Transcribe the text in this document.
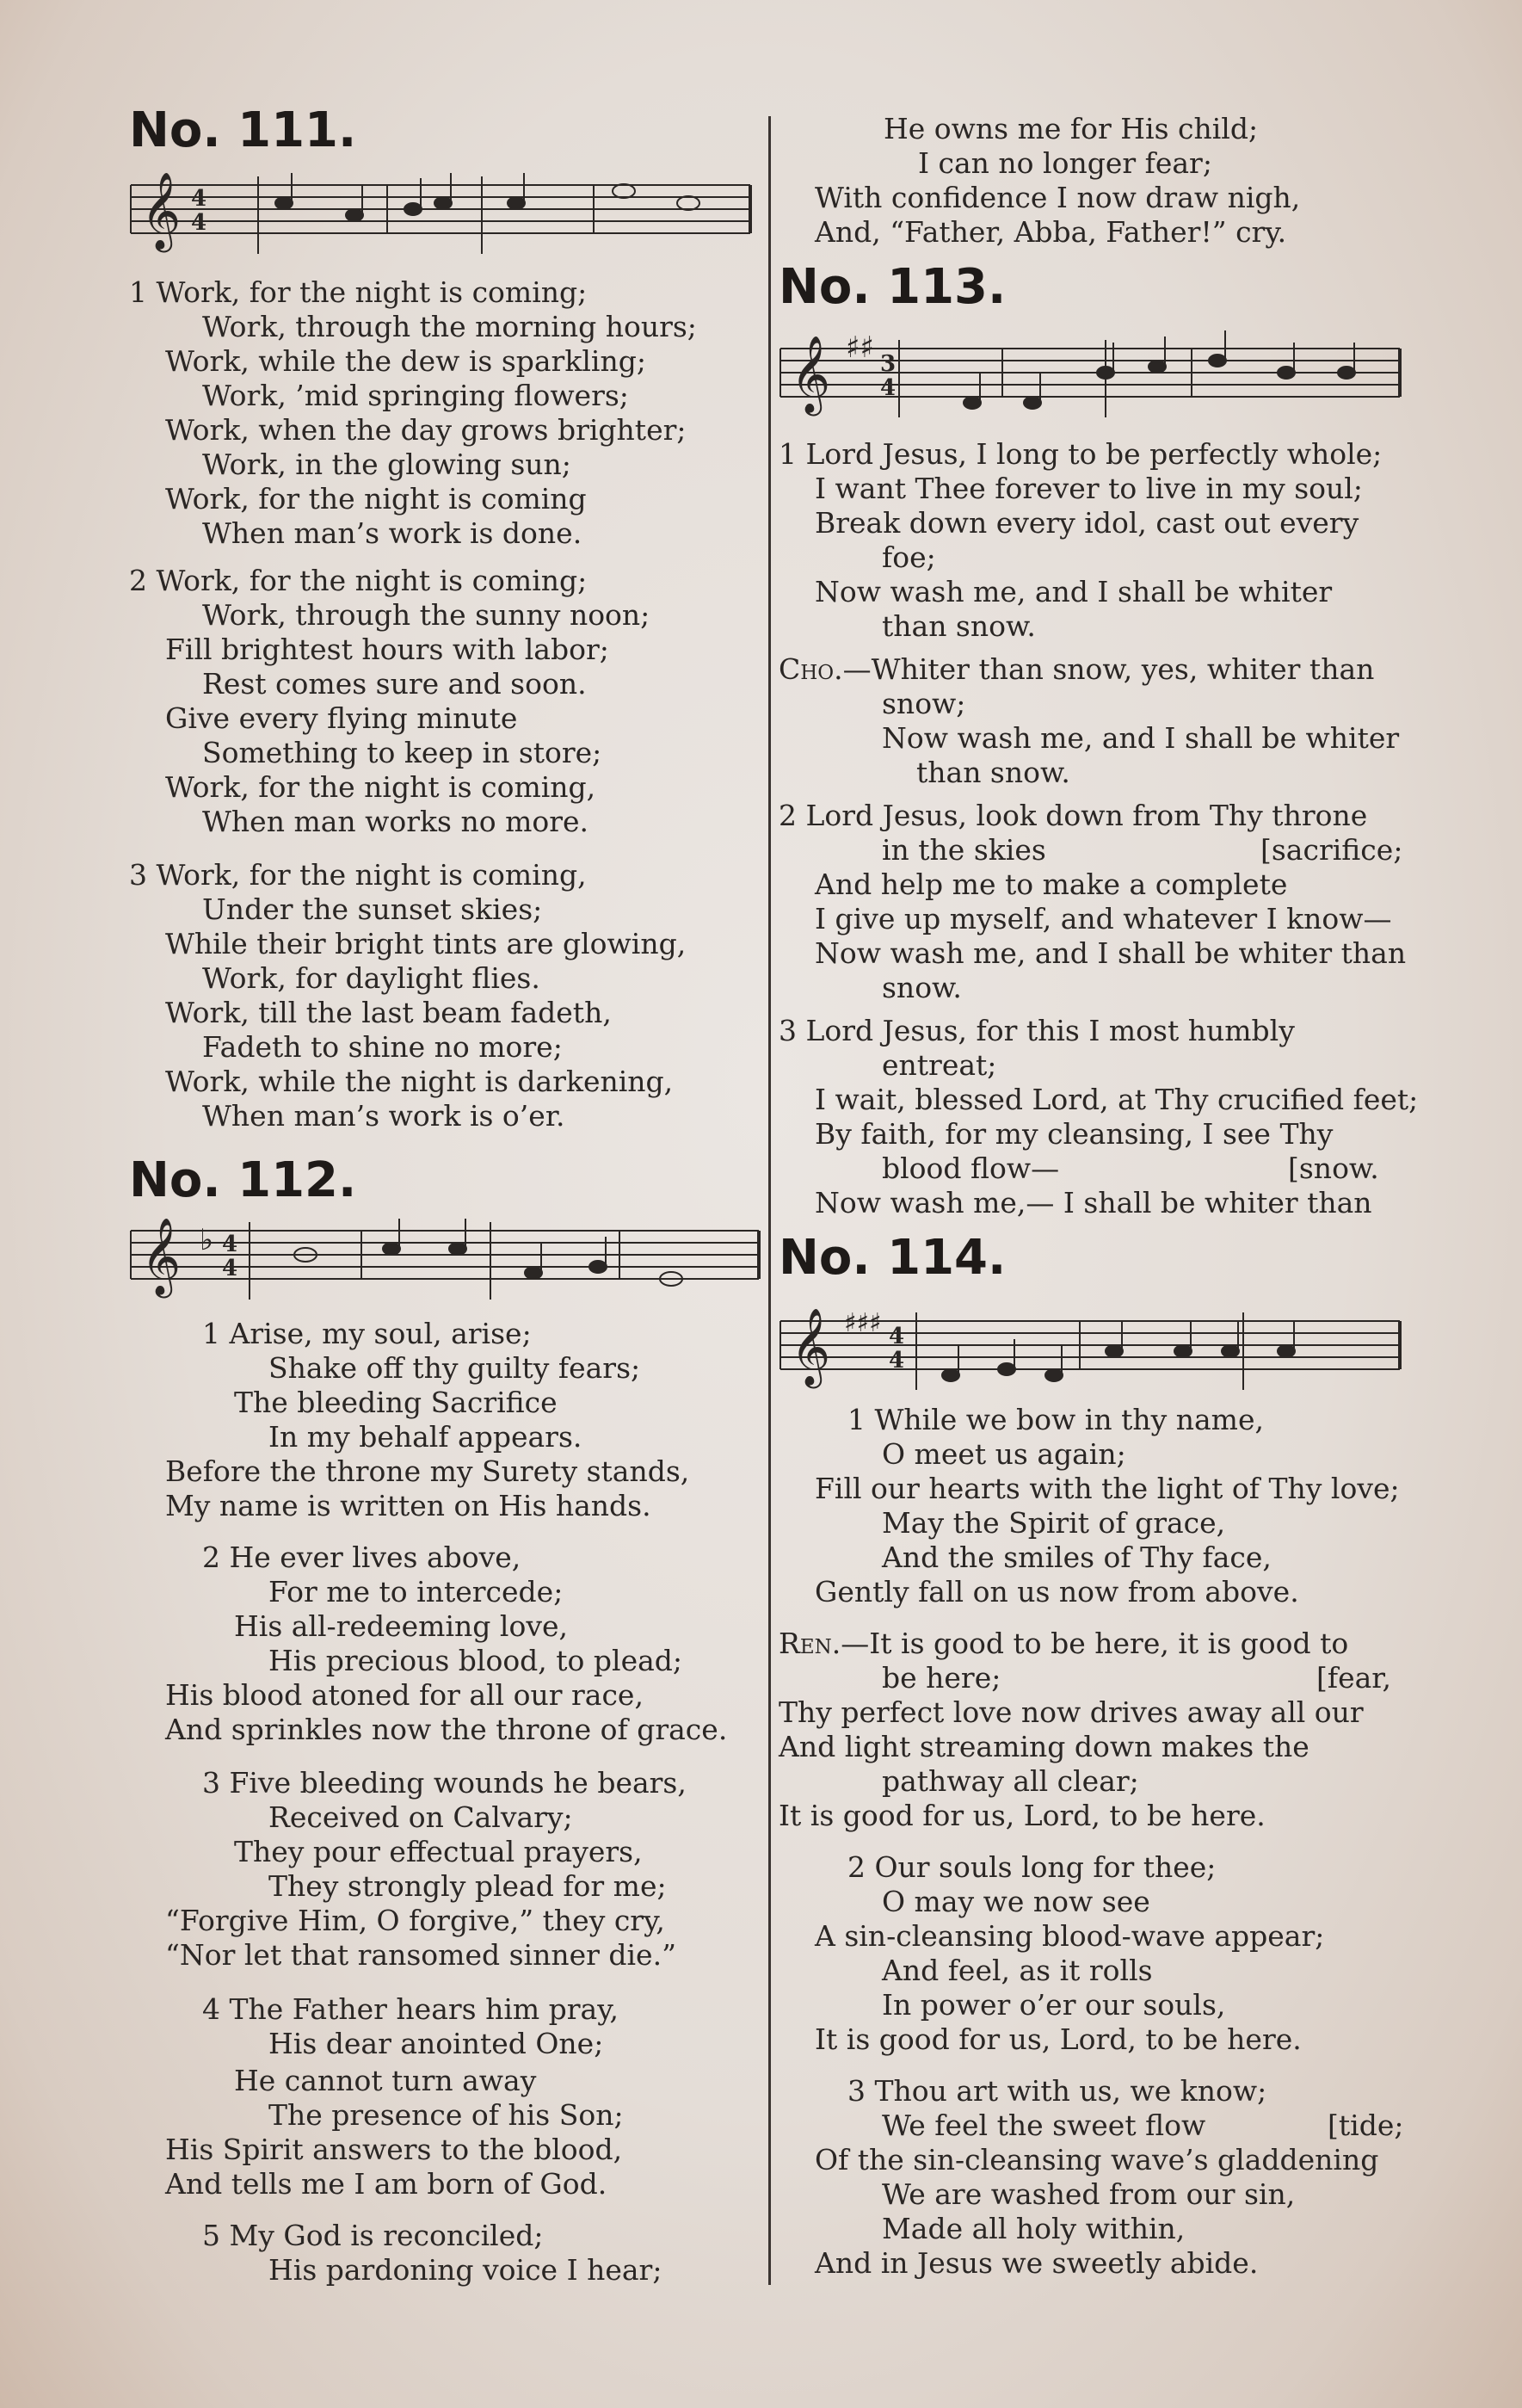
No. 111.
𝄞 4
4
1 Work, for the night is coming;
Work, through the morning hours;
Work, while the dew is sparkling;
Work, ’mid springing flowers;
Work, when the day grows brighter;
Work, in the glowing sun;
Work, for the night is coming
When man’s work is done.
2 Work, for the night is coming;
Work, through the sunny noon;
Fill brightest hours with labor;
Rest comes sure and soon.
Give every flying minute
Something to keep in store;
Work, for the night is coming,
When man works no more.
3 Work, for the night is coming,
Under the sunset skies;
While their bright tints are glowing,
Work, for daylight flies.
Work, till the last beam fadeth,
Fadeth to shine no more;
Work, while the night is darkening,
When man’s work is o’er.
No. 112.
𝄞 ♭ 4
4
1 Arise, my soul, arise;
Shake off thy guilty fears;
The bleeding Sacrifice
In my behalf appears.
Before the throne my Surety stands,
My name is written on His hands.
2 He ever lives above,
For me to intercede;
His all-redeeming love,
His precious blood, to plead;
His blood atoned for all our race,
And sprinkles now the throne of grace.
3 Five bleeding wounds he bears,
Received on Calvary;
They pour effectual prayers,
They strongly plead for me;
“Forgive Him, O forgive,” they cry,
“Nor let that ransomed sinner die.”
4 The Father hears him pray,
His dear anointed One;
He cannot turn away
The presence of his Son;
His Spirit answers to the blood,
And tells me I am born of God.
5 My God is reconciled;
His pardoning voice I hear;
He owns me for His child;
I can no longer fear;
With confidence I now draw nigh,
And, “Father, Abba, Father!” cry.
No. 113.
𝄞 ♯♯ 3
4
1 Lord Jesus, I long to be perfectly whole;
I want Thee forever to live in my soul;
Break down every idol, cast out every
foe;
Now wash me, and I shall be whiter
than snow.
Cho.—Whiter than snow, yes, whiter than
snow;
Now wash me, and I shall be whiter
than snow.
2 Lord Jesus, look down from Thy throne
in the skies	[sacrifice;
And help me to make a complete
I give up myself, and whatever I know—
Now wash me, and I shall be whiter than
snow.
3 Lord Jesus, for this I most humbly
entreat;
I wait, blessed Lord, at Thy crucified feet;
By faith, for my cleansing, I see Thy
blood flow—	[snow.
Now wash me,— I shall be whiter than
No. 114.
𝄞 ♯♯♯ 4
4
1 While we bow in thy name,
O meet us again;
Fill our hearts with the light of Thy love;
May the Spirit of grace,
And the smiles of Thy face,
Gently fall on us now from above.
Ren.—It is good to be here, it is good to
be here;	[fear,
Thy perfect love now drives away all our
And light streaming down makes the
pathway all clear;
It is good for us, Lord, to be here.
2 Our souls long for thee;
O may we now see
A sin-cleansing blood-wave appear;
And feel, as it rolls
In power o’er our souls,
It is good for us, Lord, to be here.
3 Thou art with us, we know;
We feel the sweet flow	[tide;
Of the sin-cleansing wave’s gladdening
We are washed from our sin,
Made all holy within,
And in Jesus we sweetly abide.
